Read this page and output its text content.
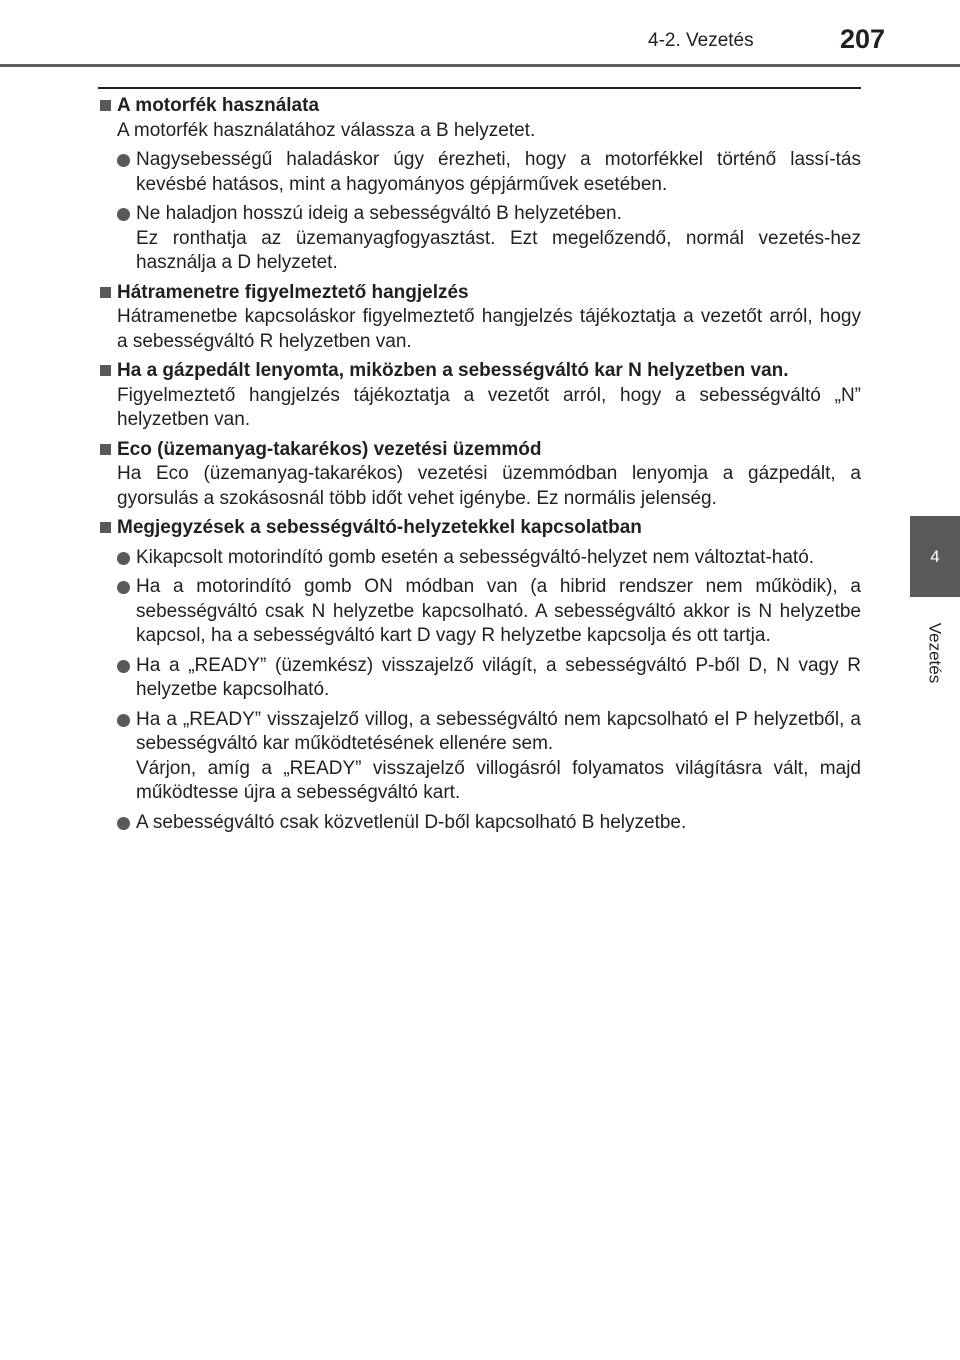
4-2. Vezetés	207
4
Vezetés
A motorfék használata
A motorfék használatához válassza a B helyzetet.

Nagysebességű haladáskor úgy érezheti, hogy a motorfékkel történő lassí-tás kevésbé hatásos, mint a hagyományos gépjárművek esetében.

Ne haladjon hosszú ideig a sebességváltó B helyzetében.

Ez ronthatja az üzemanyagfogyasztást. Ezt megelőzendő, normál vezetés-hez használja a D helyzetet.

Hátramenetre figyelmeztető hangjelzés
Hátramenetbe kapcsoláskor figyelmeztető hangjelzés tájékoztatja a vezetőt arról, hogy a sebességváltó R helyzetben van.
Ha a gázpedált lenyomta, miközben a sebességváltó kar N helyzetben van.
Figyelmeztető hangjelzés tájékoztatja a vezetőt arról, hogy a sebességváltó „N” helyzetben van.
Eco (üzemanyag-takarékos) vezetési üzemmód
Ha Eco (üzemanyag-takarékos) vezetési üzemmódban lenyomja a gázpedált, a gyorsulás a szokásosnál több időt vehet igénybe. Ez normális jelenség.
Megjegyzések a sebességváltó-helyzetekkel kapcsolatban

Kikapcsolt motorindító gomb esetén a sebességváltó-helyzet nem változtat-ható.

Ha a motorindító gomb ON módban van (a hibrid rendszer nem működik), a sebességváltó csak N helyzetbe kapcsolható. A sebességváltó akkor is N helyzetbe kapcsol, ha a sebességváltó kart D vagy R helyzetbe kapcsolja és ott tartja.

Ha a „READY” (üzemkész) visszajelző világít, a sebességváltó P-ből D, N vagy R helyzetbe kapcsolható.

Ha a „READY” visszajelző villog, a sebességváltó nem kapcsolható el P helyzetből, a sebességváltó kar működtetésének ellenére sem.

Várjon, amíg a „READY” visszajelző villogásról folyamatos világításra vált, majd működtesse újra a sebességváltó kart.

A sebességváltó csak közvetlenül D-ből kapcsolható B helyzetbe.
